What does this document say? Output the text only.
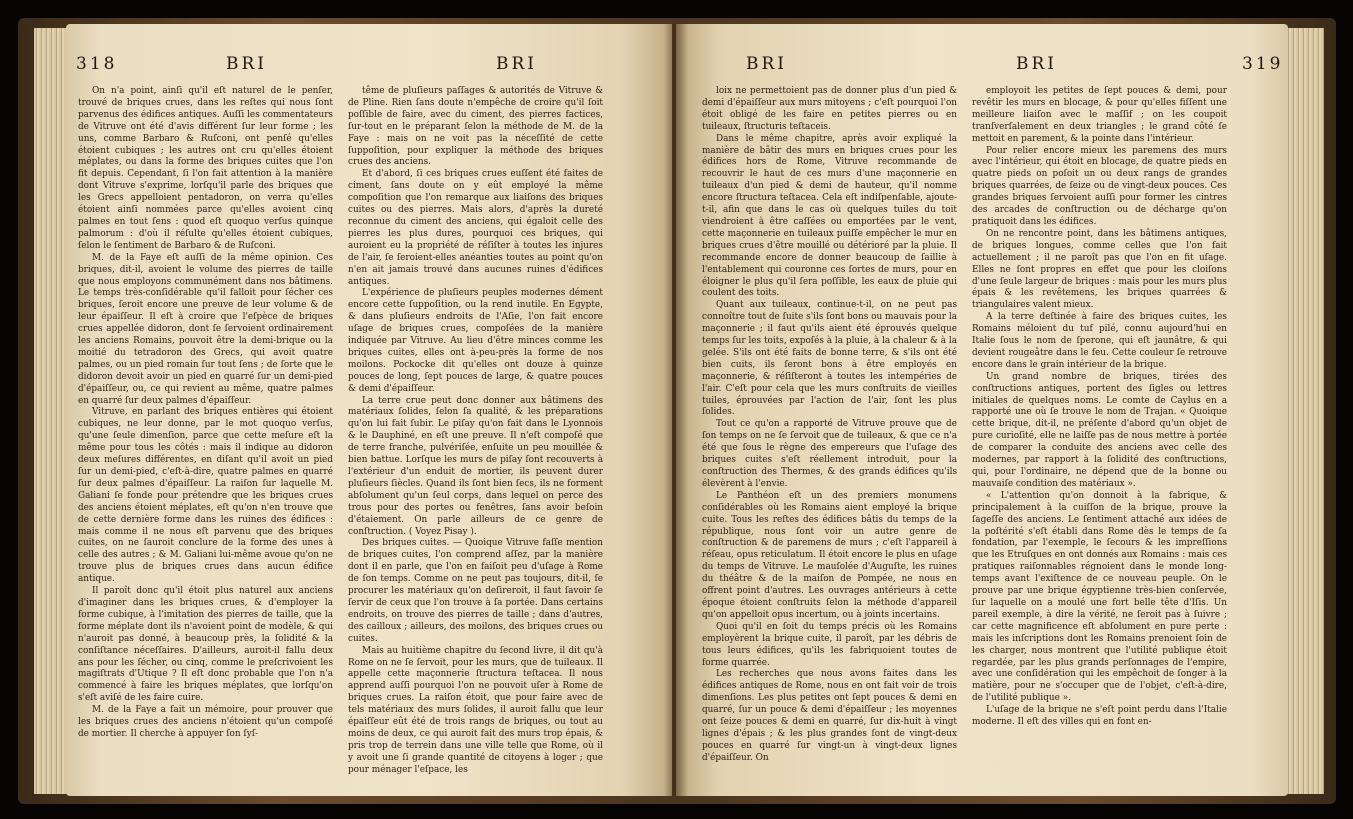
318	BRI	BRI

On n'a point, ainſi qu'il eſt naturel de le penſer, trouvé de briques crues, dans les reſtes qui nous ſont parvenus des édifices antiques. Auſſi les commentateurs de Vitruve ont été d'avis différent ſur leur forme ; les uns, comme Barbaro & Ruſconi, ont penſé qu'elles étoient cubiques ; les autres ont cru qu'elles étoient méplates, ou dans la forme des briques cuites que l'on fit depuis. Cependant, ſi l'on fait attention à la manière dont Vitruve s'exprime, lorſqu'il parle des briques que les Grecs appelloient pentadoron, on verra qu'elles étoient ainſi nommées parce qu'elles avoient cinq palmes en tout ſens : quod eſt quoquo verſus quinque palmorum : d'où il réſulte qu'elles étoient cubiques, ſelon le ſentiment de Barbaro & de Ruſconi.

M. de la Faye eſt auſſi de la même opinion. Ces briques, dit-il, avoient le volume des pierres de taille que nous employons communément dans nos bâtimens. Le temps très-conſidérable qu'il falloit pour ſécher ces briques, ſeroit encore une preuve de leur volume & de leur épaiſſeur. Il eſt à croire que l'eſpèce de briques crues appellée didoron, dont ſe ſervoient ordinairement les anciens Romains, pouvoit être la demi-brique ou la moitié du tetradoron des Grecs, qui avoit quatre palmes, ou un pied romain ſur tout ſens ; de ſorte que le didoron devoit avoir un pied en quarré ſur un demi-pied d'épaiſſeur, ou, ce qui revient au même, quatre palmes en quarré ſur deux palmes d'épaiſſeur.

Vitruve, en parlant des briques entières qui étoient cubiques, ne leur donne, par le mot quoquo verſus, qu'une ſeule dimenſion, parce que cette meſure eſt la même pour tous les côtés : mais il indique au didoron deux meſures différentes, en diſant qu'il avoit un pied ſur un demi-pied, c'eſt-à-dire, quatre palmes en quarré ſur deux palmes d'épaiſſeur. La raiſon ſur laquelle M. Galiani ſe fonde pour prétendre que les briques crues des anciens étoient méplates, eſt qu'on n'en trouve que de cette dernière forme dans les ruines des édifices : mais comme il ne nous eſt parvenu que des briques cuites, on ne ſauroit conclure de la forme des unes à celle des autres ; & M. Galiani lui-même avoue qu'on ne trouve plus de briques crues dans aucun édifice antique.

Il paroît donc qu'il étoit plus naturel aux anciens d'imaginer dans les briques crues, & d'employer la forme cubique, à l'imitation des pierres de taille, que la forme méplate dont ils n'avoient point de modèle, & qui n'auroit pas donné, à beaucoup près, la ſolidité & la conſiſtance néceſſaires. D'ailleurs, auroit-il fallu deux ans pour les ſécher, ou cinq, comme le preſcrivoient les magiſtrats d'Utique ? Il eſt donc probable que l'on n'a commencé à faire les briques méplates, que lorſqu'on s'eſt aviſé de les faire cuire.

M. de la Faye a fait un mémoire, pour prouver que les briques crues des anciens n'étoient qu'un compoſé de mortier. Il cherche à appuyer ſon ſyſ-

tême de pluſieurs paſſages & autorités de Vitruve & de Pline. Rien ſans doute n'empêche de croire qu'il ſoit poſſible de faire, avec du ciment, des pierres factices, ſur-tout en le préparant ſelon la méthode de M. de la Faye : mais on ne voit pas la néceſſité de cette ſuppoſition, pour expliquer la méthode des briques crues des anciens.

Et d'abord, ſi ces briques crues euſſent été faites de ciment, ſans doute on y eût employé la même compoſition que l'on remarque aux liaiſons des briques cuites ou des pierres. Mais alors, d'après la dureté reconnue du ciment des anciens, qui égaloit celle des pierres les plus dures, pourquoi ces briques, qui auroient eu la propriété de réſiſter à toutes les injures de l'air, ſe ſeroient-elles anéanties toutes au point qu'on n'en ait jamais trouvé dans aucunes ruines d'édifices antiques.

L'expérience de pluſieurs peuples modernes dément encore cette ſuppoſition, ou la rend inutile. En Egypte, & dans pluſieurs endroits de l'Aſie, l'on fait encore uſage de briques crues, compoſées de la manière indiquée par Vitruve. Au lieu d'être minces comme les briques cuites, elles ont à-peu-près la forme de nos moilons. Pockocke dit qu'elles ont douze à quinze pouces de long, ſept pouces de large, & quatre pouces & demi d'épaiſſeur.

La terre crue peut donc donner aux bâtimens des matériaux ſolides, ſelon ſa qualité, & les préparations qu'on lui fait ſubir. Le piſay qu'on fait dans le Lyonnois & le Dauphiné, en eſt une preuve. Il n'eſt compoſé que de terre franche, pulvériſée, enſuite un peu mouillée & bien battue. Lorſque les murs de piſay ſont recouverts à l'extérieur d'un enduit de mortier, ils peuvent durer pluſieurs ſiècles. Quand ils ſont bien ſecs, ils ne forment abſolument qu'un ſeul corps, dans lequel on perce des trous pour des portes ou fenêtres, ſans avoir beſoin d'étaiement. On parle ailleurs de ce genre de conſtruction. ( Voyez Pisay ).

Des briques cuites. — Quoique Vitruve faſſe mention de briques cuites, l'on comprend aſſez, par la manière dont il en parle, que l'on en faiſoit peu d'uſage à Rome de ſon temps. Comme on ne peut pas toujours, dit-il, ſe procurer les matériaux qu'on deſireroit, il faut ſavoir ſe ſervir de ceux que l'on trouve à ſa portée. Dans certains endroits, on trouve des pierres de taille ; dans d'autres, des cailloux ; ailleurs, des moilons, des briques crues ou cuites.

Mais au huitième chapitre du ſecond livre, il dit qu'à Rome on ne ſe ſervoit, pour les murs, que de tuileaux. Il appelle cette maçonnerie ſtructura teſtacea. Il nous apprend auſſi pourquoi l'on ne pouvoit uſer à Rome de briques crues. La raiſon étoit, que pour faire avec de tels matériaux des murs ſolides, il auroit fallu que leur épaiſſeur eût été de trois rangs de briques, ou tout au moins de deux, ce qui auroit fait des murs trop épais, & pris trop de terrein dans une ville telle que Rome, où il y avoit une ſi grande quantité de citoyens à loger ; que pour ménager l'eſpace, les

BRI	BRI	319

loix ne permettoient pas de donner plus d'un pied & demi d'épaiſſeur aux murs mitoyens ; c'eſt pourquoi l'on étoit obligé de les faire en petites pierres ou en tuileaux, ſtructuris teſtaceis.

Dans le même chapitre, après avoir expliqué la manière de bâtir des murs en briques crues pour les édifices hors de Rome, Vitruve recommande de recouvrir le haut de ces murs d'une maçonnerie en tuileaux d'un pied & demi de hauteur, qu'il nomme encore ſtructura teſtacea. Cela eſt indiſpenſable, ajoute-t-il, afin que dans le cas où quelques tuiles du toit viendroient à être caſſées ou emportées par le vent, cette maçonnerie en tuileaux puiſſe empêcher le mur en briques crues d'être mouillé ou détérioré par la pluie. Il recommande encore de donner beaucoup de ſaillie à l'entablement qui couronne ces ſortes de murs, pour en éloigner le plus qu'il ſera poſſible, les eaux de pluie qui coulent des toits.

Quant aux tuileaux, continue-t-il, on ne peut pas connoître tout de ſuite s'ils ſont bons ou mauvais pour la maçonnerie ; il faut qu'ils aient été éprouvés quelque temps ſur les toits, expoſés à la pluie, à la chaleur & à la gelée. S'ils ont été faits de bonne terre, & s'ils ont été bien cuits, ils ſeront bons à être employés en maçonnerie, & réſiſteront à toutes les intempéries de l'air. C'eſt pour cela que les murs conſtruits de vieilles tuiles, éprouvées par l'action de l'air, ſont les plus ſolides.

Tout ce qu'on a rapporté de Vitruve prouve que de ſon temps on ne ſe ſervoit que de tuileaux, & que ce n'a été que ſous le règne des empereurs que l'uſage des briques cuites s'eſt réellement introduit, pour la conſtruction des Thermes, & des grands édifices qu'ils élevèrent à l'envie.

Le Panthéon eſt un des premiers monumens conſidérables où les Romains aient employé la brique cuite. Tous les reſtes des édifices bâtis du temps de la république, nous ſont voir un autre genre de conſtruction & de paremens de murs ; c'eſt l'appareil à réſeau, opus reticulatum. Il étoit encore le plus en uſage du temps de Vitruve. Le mauſolée d'Auguſte, les ruines du théâtre & de la maiſon de Pompée, ne nous en offrent point d'autres. Les ouvrages antérieurs à cette époque étoient conſtruits ſelon la méthode d'appareil qu'on appelloit opus incertum, ou à joints incertains.

Quoi qu'il en ſoit du temps précis où les Romains employèrent la brique cuite, il paroît, par les débris de tous leurs édifices, qu'ils les fabriquoient toutes de forme quarrée.

Les recherches que nous avons faites dans les édifices antiques de Rome, nous en ont fait voir de trois dimenſions. Les plus petites ont ſept pouces & demi en quarré, ſur un pouce & demi d'épaiſſeur ; les moyennes ont ſeize pouces & demi en quarré, ſur dix-huit à vingt lignes d'épais ; & les plus grandes ſont de vingt-deux pouces en quarré ſur vingt-un à vingt-deux lignes d'épaiſſeur. On

employoit les petites de ſept pouces & demi, pour revêtir les murs en blocage, & pour qu'elles fiſſent une meilleure liaiſon avec le maſſif ; on les coupoit tranſverſalement en deux triangles ; le grand côté ſe mettoit en parement, & la pointe dans l'intérieur.

Pour relier encore mieux les paremens des murs avec l'intérieur, qui étoit en blocage, de quatre pieds en quatre pieds on poſoit un ou deux rangs de grandes briques quarrées, de ſeize ou de vingt-deux pouces. Ces grandes briques ſervoient auſſi pour former les cintres des arcades de conſtruction ou de décharge qu'on pratiquoit dans les édifices.

On ne rencontre point, dans les bâtimens antiques, de briques longues, comme celles que l'on fait actuellement ; il ne paroît pas que l'on en fit uſage. Elles ne ſont propres en effet que pour les cloiſons d'une ſeule largeur de briques : mais pour les murs plus épais & les revêtemens, les briques quarrées & triangulaires valent mieux.

A la terre deſtinée à faire des briques cuites, les Romains méloient du tuf pilé, connu aujourd'hui en Italie ſous le nom de ſperone, qui eſt jaunâtre, & qui devient rougeâtre dans le feu. Cette couleur ſe retrouve encore dans le grain intérieur de la brique.

Un grand nombre de briques, tirées des conſtructions antiques, portent des ſigles ou lettres initiales de quelques noms. Le comte de Caylus en a rapporté une où ſe trouve le nom de Trajan. « Quoique cette brique, dit-il, ne préſente d'abord qu'un objet de pure curioſité, elle ne laiſſe pas de nous mettre à portée de comparer la conduite des anciens avec celle des modernes, par rapport à la ſolidité des conſtructions, qui, pour l'ordinaire, ne dépend que de la bonne ou mauvaiſe condition des matériaux ».

« L'attention qu'on donnoit à la fabrique, & principalement à la cuiſſon de la brique, prouve la ſageſſe des anciens. Le ſentiment attaché aux idées de la poſtérité s'eſt établi dans Rome dès le temps de ſa fondation, par l'exemple, le ſecours & les impreſſions que les Etruſques en ont donnés aux Romains : mais ces pratiques raiſonnables régnoient dans le monde long-temps avant l'exiſtence de ce nouveau peuple. On le prouve par une brique égyptienne très-bien conſervée, ſur laquelle on a moulé une fort belle tête d'Iſis. Un pareil exemple, à dire la vérité, ne ſeroit pas à ſuivre ; car cette magnificence eſt abſolument en pure perte : mais les inſcriptions dont les Romains prenoient ſoin de les charger, nous montrent que l'utilité publique étoit regardée, par les plus grands perſonnages de l'empire, avec une conſidération qui les empêchoit de ſonger à la matière, pour ne s'occuper que de l'objet, c'eſt-à-dire, de l'utilité publique ».

L'uſage de la brique ne s'eſt point perdu dans l'Italie moderne. Il eſt des villes qui en font en-
